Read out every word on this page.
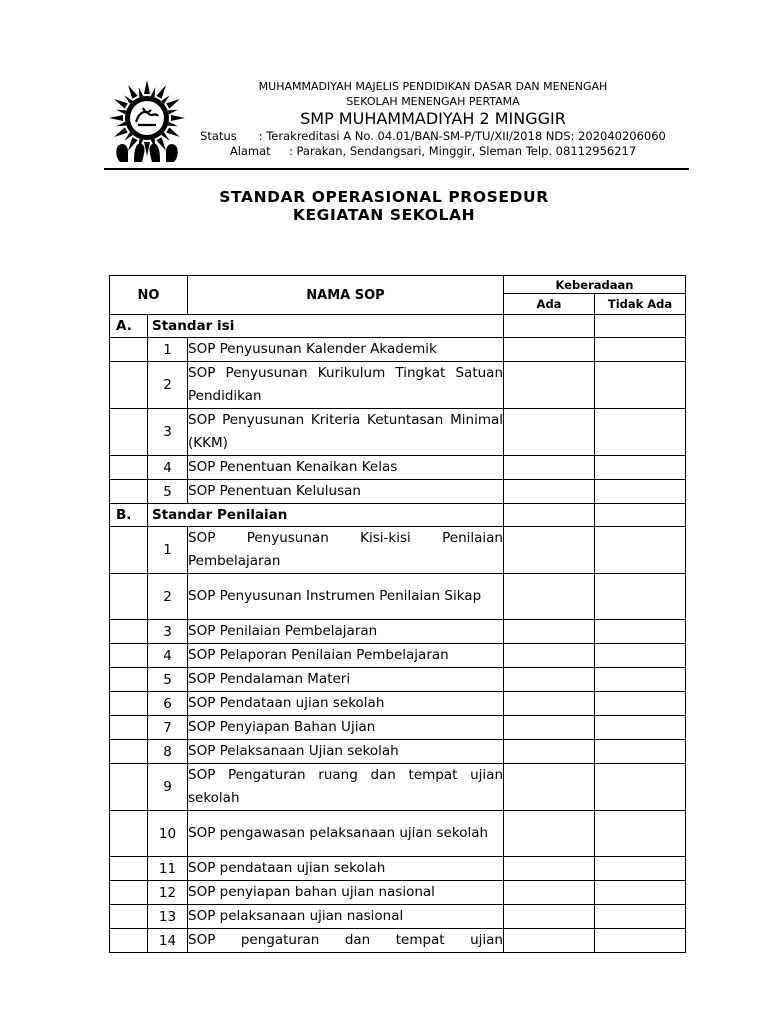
MUHAMMADIYAH MAJELIS PENDIDIKAN DASAR DAN MENENGAH
SEKOLAH MENENGAH PERTAMA
SMP MUHAMMADIYAH 2 MINGGIR
Status : Terakreditasi A No. 04.01/BAN-SM-P/TU/XII/2018 NDS: 202040206060
Alamat : Parakan, Sendangsari, Minggir, Sleman Telp. 08112956217
STANDAR OPERASIONAL PROSEDUR
KEGIATAN SEKOLAH
NO		NAMA SOP	Keberadaan	
			Ada	Tidak Ada
A.	Standar isi			
	1	SOP Penyusunan Kalender Akademik		
	2	SOP Penyusunan Kurikulum Tingkat Satuan Pendidikan		
	3	SOP Penyusunan Kriteria Ketuntasan Minimal (KKM)		
	4	SOP Penentuan Kenaikan Kelas		
	5	SOP Penentuan Kelulusan		
B.	Standar Penilaian			
	1	SOP Penyusunan Kisi-kisi Penilaian Pembelajaran		
	2	SOP Penyusunan Instrumen Penilaian Sikap		
	3	SOP Penilaian Pembelajaran		
	4	SOP Pelaporan Penilaian Pembelajaran		
	5	SOP Pendalaman Materi		
	6	SOP Pendataan ujian sekolah		
	7	SOP Penyiapan Bahan Ujian		
	8	SOP Pelaksanaan Ujian sekolah		
	9	SOP Pengaturan ruang dan tempat ujian sekolah		
	10	SOP pengawasan pelaksanaan ujian sekolah		
	11	SOP pendataan ujian sekolah		
	12	SOP penyiapan bahan ujian nasional		
	13	SOP pelaksanaan ujian nasional		
	14	SOP pengaturan dan tempat ujian		
